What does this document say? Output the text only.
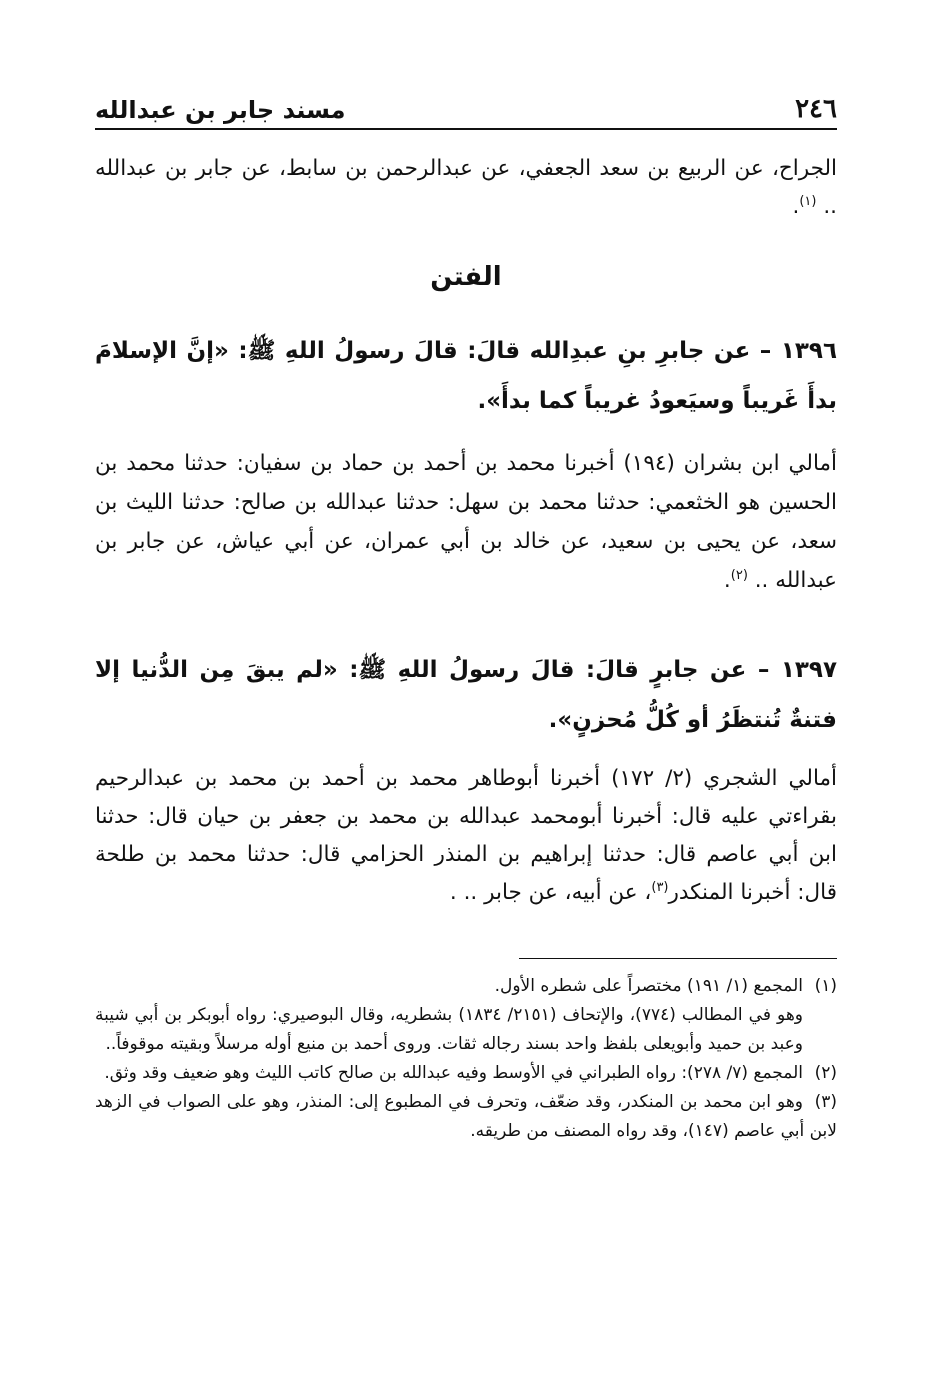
٢٤٦
مسند جابر بن عبدالله

الجراح، عن الربيع بن سعد الجعفي، عن عبدالرحمن بن سابط، عن جابر بن عبدالله .. $^{(١)}$.

الفتن

١٣٩٦ – عن جابرِ بنِ عبدِالله قالَ: قالَ رسولُ اللهِ ﷺ: «إنَّ الإسلامَ بدأَ غَريباً وسيَعودُ غريباً كما بدأَ».

أمالي ابن بشران (١٩٤) أخبرنا محمد بن أحمد بن حماد بن سفيان: حدثنا محمد بن الحسين هو الخثعمي: حدثنا محمد بن سهل: حدثنا عبدالله بن صالح: حدثنا الليث بن سعد، عن يحيى بن سعيد، عن خالد بن أبي عمران، عن أبي عياش، عن جابر بن عبدالله .. $^{(٢)}$.

١٣٩٧ – عن جابرٍ قالَ: قالَ رسولُ اللهِ ﷺ: «لم يبقَ مِن الدُّنيا إلا فتنةٌ تُنتظَرُ أو كُلُّ مُحزنٍ».

أمالي الشجري (٢/ ١٧٢) أخبرنا أبوطاهر محمد بن أحمد بن محمد بن عبدالرحيم بقراءتي عليه قال: أخبرنا أبومحمد عبدالله بن محمد بن جعفر بن حيان قال: حدثنا ابن أبي عاصم قال: حدثنا إبراهيم بن المنذر الحزامي قال: حدثنا محمد بن طلحة قال: أخبرنا المنكدر$^{(٣)}$، عن أبيه، عن جابر .. .

(١)المجمع (١/ ١٩١) مختصراً على شطره الأول.

وهو في المطالب (٧٧٤)، والإتحاف (٢١٥١/ ١٨٣٤) بشطريه، وقال البوصيري: رواه أبوبكر بن أبي شيبة وعبد بن حميد وأبويعلى بلفظ واحد بسند رجاله ثقات. وروى أحمد بن منيع أوله مرسلاً وبقيته موقوفاً..

(٢)المجمع (٧/ ٢٧٨): رواه الطبراني في الأوسط وفيه عبدالله بن صالح كاتب الليث وهو ضعيف وقد وثق.

(٣)وهو ابن محمد بن المنكدر، وقد ضعّف، وتحرف في المطبوع إلى: المنذر، وهو على الصواب في الزهد لابن أبي عاصم (١٤٧)، وقد رواه المصنف من طريقه.
